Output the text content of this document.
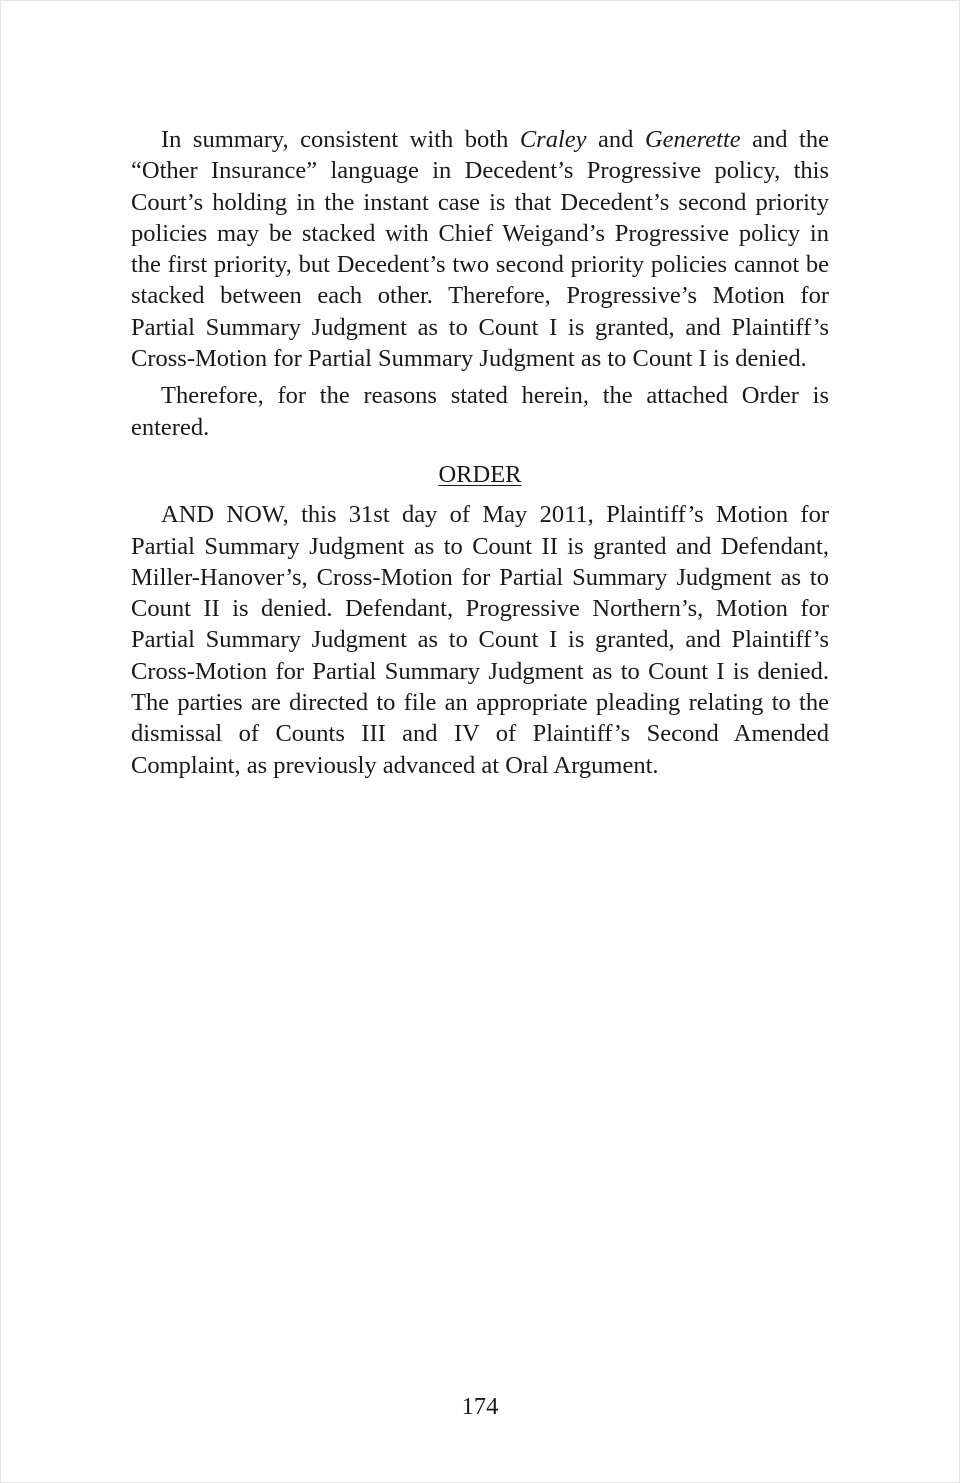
In summary, consistent with both Craley and Generette and the “Other Insurance” language in Decedent’s Progressive policy, this Court’s holding in the instant case is that Decedent’s second priority policies may be stacked with Chief Weigand’s Progressive policy in the first priority, but Decedent’s two second priority policies cannot be stacked between each other. Therefore, Progressive’s Motion for Partial Summary Judgment as to Count I is granted, and Plaintiff’s Cross-Motion for Partial Summary Judgment as to Count I is denied.

Therefore, for the reasons stated herein, the attached Order is entered.

ORDER

AND NOW, this 31st day of May 2011, Plaintiff’s Motion for Partial Summary Judgment as to Count II is granted and Defendant, Miller-Hanover’s, Cross-Motion for Partial Summary Judgment as to Count II is denied. Defendant, Progressive Northern’s, Motion for Partial Summary Judgment as to Count I is granted, and Plaintiff’s Cross-Motion for Partial Summary Judgment as to Count I is denied. The parties are directed to file an appropriate pleading relating to the dismissal of Counts III and IV of Plaintiff’s Second Amended Complaint, as previously advanced at Oral Argument.

174
